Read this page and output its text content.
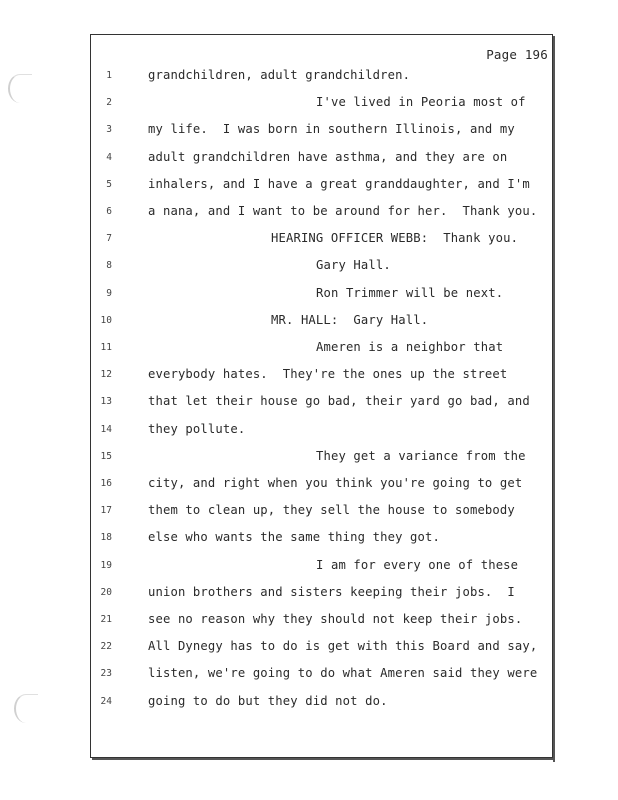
Page 196
1	grandchildren, adult grandchildren.
2	I've lived in Peoria most of
3	my life.  I was born in southern Illinois, and my
4	adult grandchildren have asthma, and they are on
5	inhalers, and I have a great granddaughter, and I'm
6	a nana, and I want to be around for her.  Thank you.
7	HEARING OFFICER WEBB:  Thank you.
8	Gary Hall.
9	Ron Trimmer will be next.
10	MR. HALL:  Gary Hall.
11	Ameren is a neighbor that
12	everybody hates.  They're the ones up the street
13	that let their house go bad, their yard go bad, and
14	they pollute.
15	They get a variance from the
16	city, and right when you think you're going to get
17	them to clean up, they sell the house to somebody
18	else who wants the same thing they got.
19	I am for every one of these
20	union brothers and sisters keeping their jobs.  I
21	see no reason why they should not keep their jobs.
22	All Dynegy has to do is get with this Board and say,
23	listen, we're going to do what Ameren said they were
24	going to do but they did not do.
